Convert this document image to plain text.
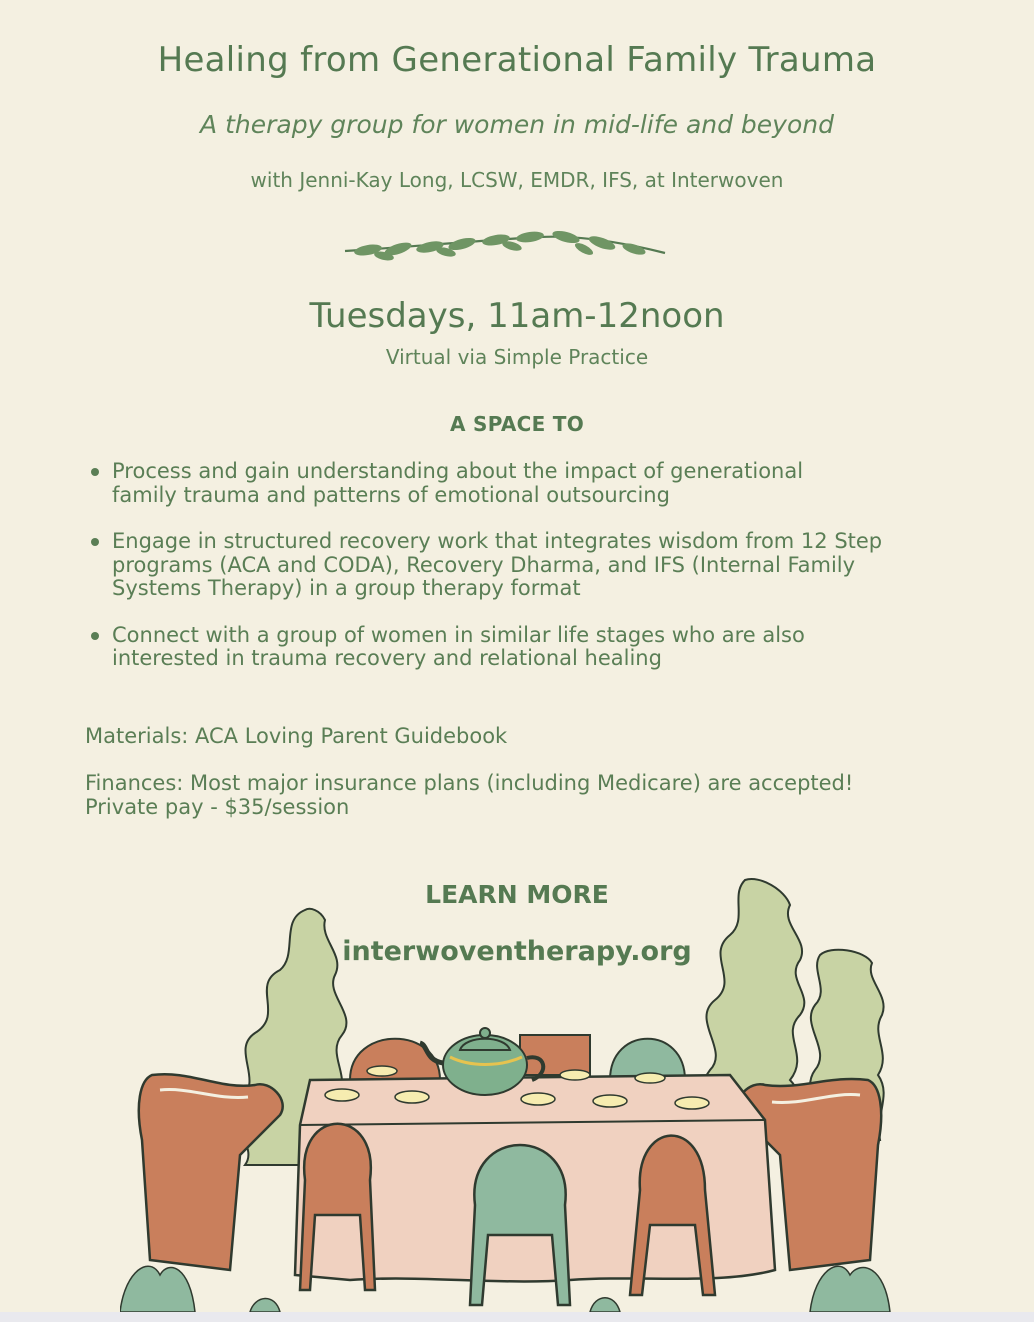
Healing from Generational Family Trauma
A therapy group for women in mid-life and beyond
with Jenni-Kay Long, LCSW, EMDR, IFS, at Interwoven
Tuesdays, 11am-12noon
Virtual via Simple Practice
A SPACE TO
Process and gain understanding about the impact of generational
family trauma and patterns of emotional outsourcing
Engage in structured recovery work that integrates wisdom from 12 Step
programs (ACA and CODA), Recovery Dharma, and IFS (Internal Family
Systems Therapy) in a group therapy format
Connect with a group of women in similar life stages who are also
interested in trauma recovery and relational healing
Materials: ACA Loving Parent Guidebook
Finances: Most major insurance plans (including Medicare) are accepted!
Private pay - $35/session
LEARN MORE
interwoventherapy.org
